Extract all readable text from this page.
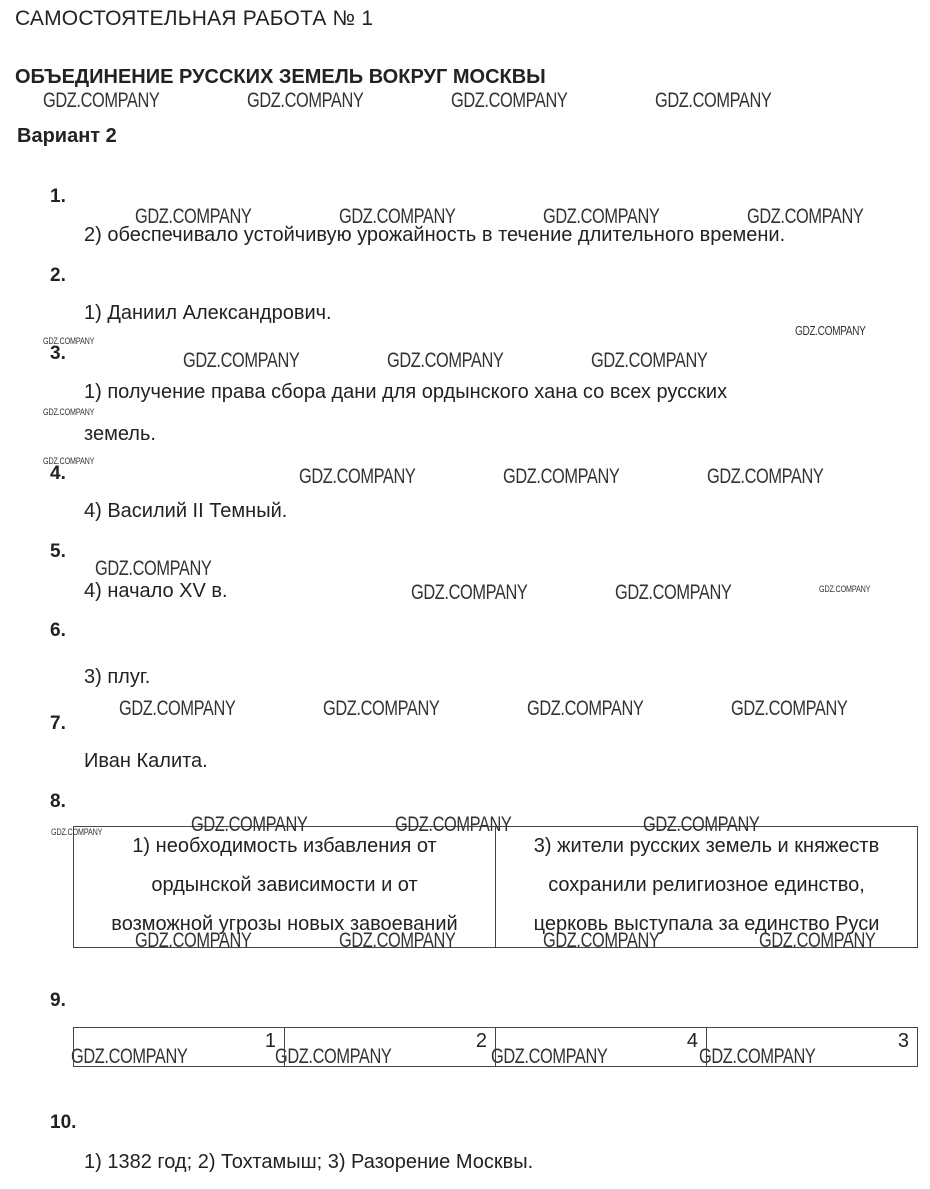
САМОСТОЯТЕЛЬНАЯ РАБОТА № 1
ОБЪЕДИНЕНИЕ РУССКИХ ЗЕМЕЛЬ ВОКРУГ МОСКВЫ
Вариант 2
1.
2) обеспечивало устойчивую урожайность в течение длительного времени.
2.
1) Даниил Александрович.
3.
1) получение права сбора дани для ордынского хана со всех русских
земель.
4.
4) Василий II Темный.
5.
4) начало XV в.
6.
3) плуг.
7.
Иван Калита.
8.
1) необходимость избавления от
ордынской зависимости и от
возможной угрозы новых завоеваний

3) жители русских земель и княжеств
сохранили религиозное единство,
церковь выступала за единство Руси
9.
1	2	4	3
10.
1) 1382 год; 2) Тохтамыш; 3) Разорение Москвы.
GDZ.COMPANY	GDZ.COMPANY	GDZ.COMPANY	GDZ.COMPANY
GDZ.COMPANY	GDZ.COMPANY	GDZ.COMPANY	GDZ.COMPANY
GDZ.COMPANY
GDZ.COMPANY
GDZ.COMPANY	GDZ.COMPANY	GDZ.COMPANY
GDZ.COMPANY
GDZ.COMPANY
GDZ.COMPANY	GDZ.COMPANY	GDZ.COMPANY
GDZ.COMPANY
GDZ.COMPANY
GDZ.COMPANY	GDZ.COMPANY
GDZ.COMPANY	GDZ.COMPANY	GDZ.COMPANY	GDZ.COMPANY
GDZ.COMPANY	GDZ.COMPANY	GDZ.COMPANY	GDZ.COMPANY
GDZ.COMPANY	GDZ.COMPANY	GDZ.COMPANY	GDZ.COMPANY
GDZ.COMPANY	GDZ.COMPANY	GDZ.COMPANY	GDZ.COMPANY
